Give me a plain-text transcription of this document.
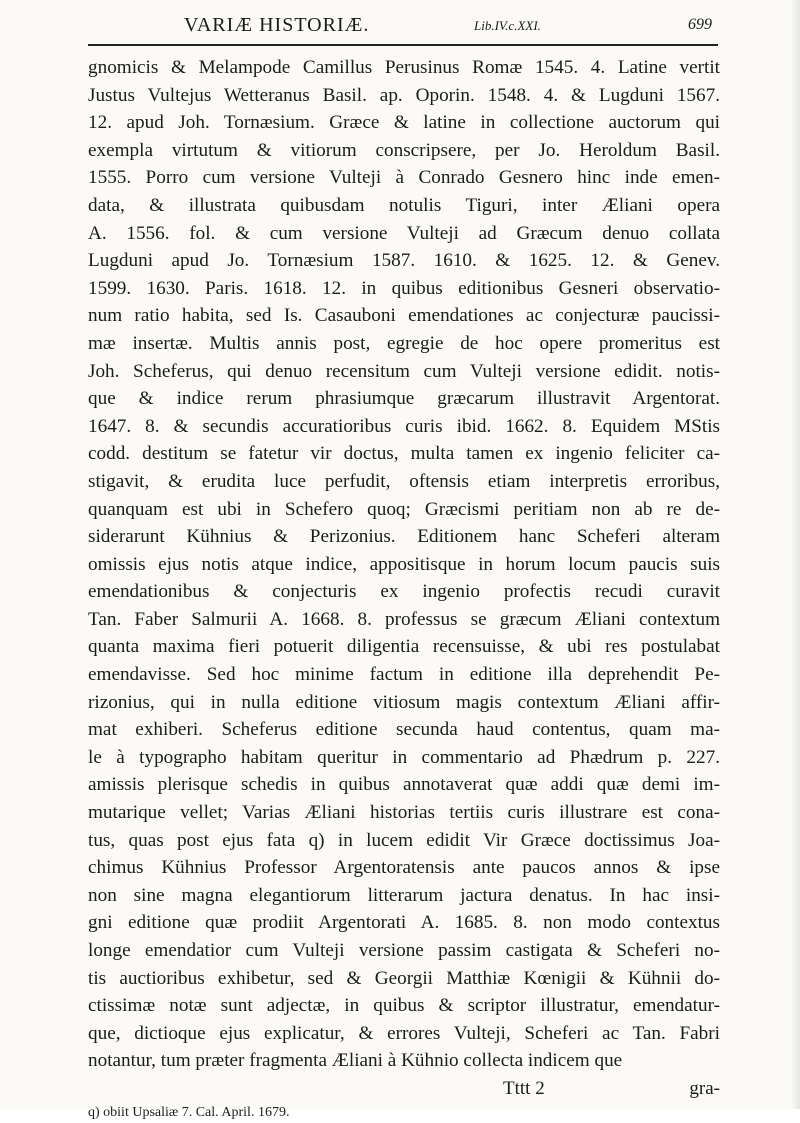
VARIÆ HISTORIÆ.	Lib.IV.c.XXI.	699
gnomicis & Melampode Camillus Perusinus Romæ 1545. 4. Latine vertit
Justus Vultejus Wetteranus Basil. ap. Oporin. 1548. 4. & Lugduni 1567.
12. apud Joh. Tornæsium. Græce & latine in collectione auctorum qui
exempla virtutum & vitiorum conscripsere, per Jo. Heroldum Basil.
1555. Porro cum versione Vulteji à Conrado Gesnero hinc inde emen-
data, & illustrata quibusdam notulis Tiguri, inter Æliani opera
A. 1556. fol. & cum versione Vulteji ad Græcum denuo collata
Lugduni apud Jo. Tornæsium 1587. 1610. & 1625. 12. & Genev.
1599. 1630. Paris. 1618. 12. in quibus editionibus Gesneri observatio-
num ratio habita, sed Is. Casauboni emendationes ac conjecturæ paucissi-
mæ insertæ. Multis annis post, egregie de hoc opere promeritus est
Joh. Scheferus, qui denuo recensitum cum Vulteji versione edidit. notis-
que & indice rerum phrasiumque græcarum illustravit Argentorat.
1647. 8. & secundis accuratioribus curis ibid. 1662. 8. Equidem MStis
codd. destitum se fatetur vir doctus, multa tamen ex ingenio feliciter ca-
stigavit, & erudita luce perfudit, oftensis etiam interpretis erroribus,
quanquam est ubi in Schefero quoq; Græcismi peritiam non ab re de-
siderarunt Kühnius & Perizonius. Editionem hanc Scheferi alteram
omissis ejus notis atque indice, appositisque in horum locum paucis suis
emendationibus & conjecturis ex ingenio profectis recudi curavit
Tan. Faber Salmurii A. 1668. 8. professus se græcum Æliani contextum
quanta maxima fieri potuerit diligentia recensuisse, & ubi res postulabat
emendavisse. Sed hoc minime factum in editione illa deprehendit Pe-
rizonius, qui in nulla editione vitiosum magis contextum Æliani affir-
mat exhiberi. Scheferus editione secunda haud contentus, quam ma-
le à typographo habitam queritur in commentario ad Phædrum p. 227.
amissis plerisque schedis in quibus annotaverat quæ addi quæ demi im-
mutarique vellet; Varias Æliani historias tertiis curis illustrare est cona-
tus, quas post ejus fata q) in lucem edidit Vir Græce doctissimus Joa-
chimus Kühnius Professor Argentoratensis ante paucos annos & ipse
non sine magna elegantiorum litterarum jactura denatus. In hac insi-
gni editione quæ prodiit Argentorati A. 1685. 8. non modo contextus
longe emendatior cum Vulteji versione passim castigata & Scheferi no-
tis auctioribus exhibetur, sed & Georgii Matthiæ Kœnigii & Kühnii do-
ctissimæ notæ sunt adjectæ, in quibus & scriptor illustratur, emendatur-
que, dictioque ejus explicatur, & errores Vulteji, Scheferi ac Tan. Fabri
notantur, tum præter fragmenta Æliani à Kühnio collecta indicem que
Tttt 2	gra-
q) obiit Upsaliæ 7. Cal. April. 1679.
